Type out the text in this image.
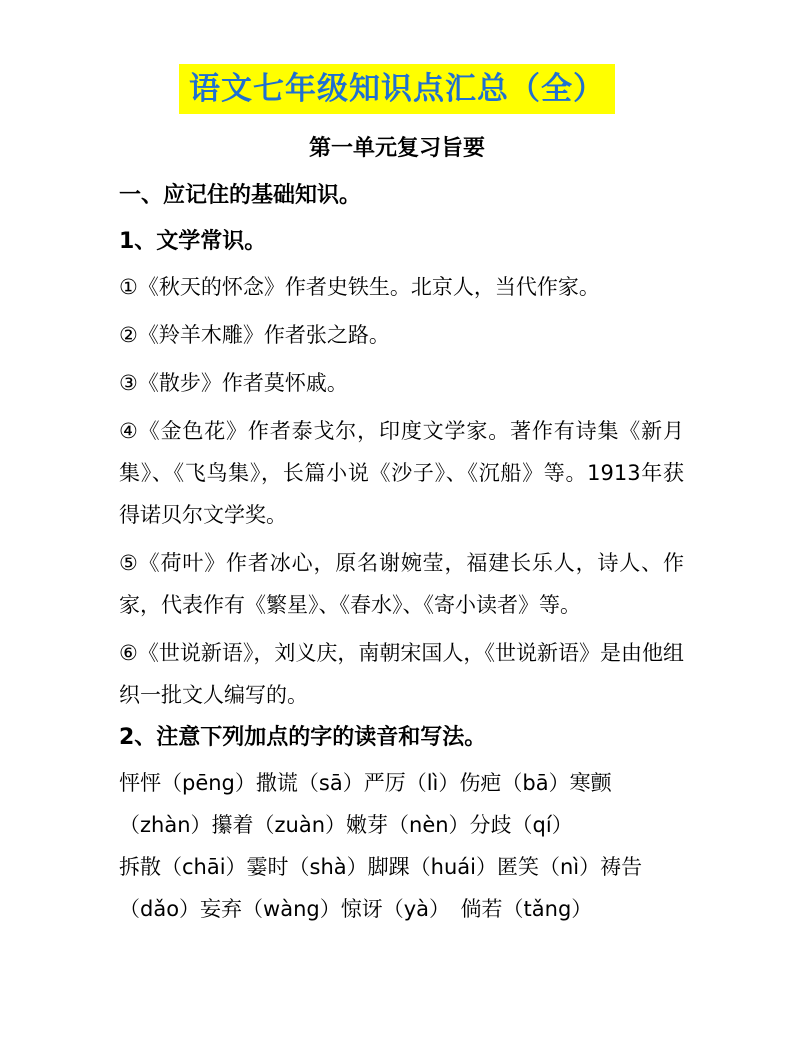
语文七年级知识点汇总（全）
第一单元复习旨要
一、应记住的基础知识。
1、文学常识。
①《秋天的怀念》作者史铁生。北京人，当代作家。
②《羚羊木雕》作者张之路。
③《散步》作者莫怀戚。
④《金色花》作者泰戈尔，印度文学家。著作有诗集《新月集》、《飞鸟集》，长篇小说《沙子》、《沉船》等。1913年获得诺贝尔文学奖。
⑤《荷叶》作者冰心，原名谢婉莹，福建长乐人，诗人、作家，代表作有《繁星》、《春水》、《寄小读者》等。
⑥《世说新语》，刘义庆，南朝宋国人，《世说新语》是由他组织一批文人编写的。
2、注意下列加点的字的读音和写法。
怦怦（pēng）撒谎（sā）严厉（lì）伤疤（bā）寒颤（zhàn）攥着（zuàn）嫩芽（nèn）分歧（qí）
拆散（chāi）霎时（shà）脚踝（huái）匿笑（nì）祷告（dǎo）妄弃（wàng）惊讶（yà）　倘若（tǎng）
